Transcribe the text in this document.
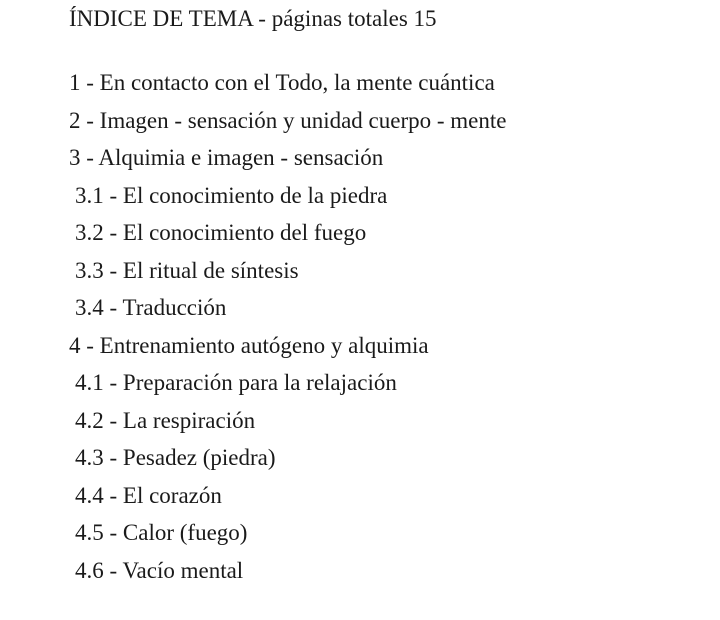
ÍNDICE DE TEMA - páginas totales 15
1 - En contacto con el Todo, la mente cuántica
2 - Imagen - sensación y unidad cuerpo - mente
3 - Alquimia e imagen - sensación
3.1 - El conocimiento de la piedra
3.2 - El conocimiento del fuego
3.3 - El ritual de síntesis
3.4 - Traducción
4 - Entrenamiento autógeno y alquimia
4.1 - Preparación para la relajación
4.2 - La respiración
4.3 - Pesadez (piedra)
4.4 - El corazón
4.5 - Calor (fuego)
4.6 - Vacío mental
